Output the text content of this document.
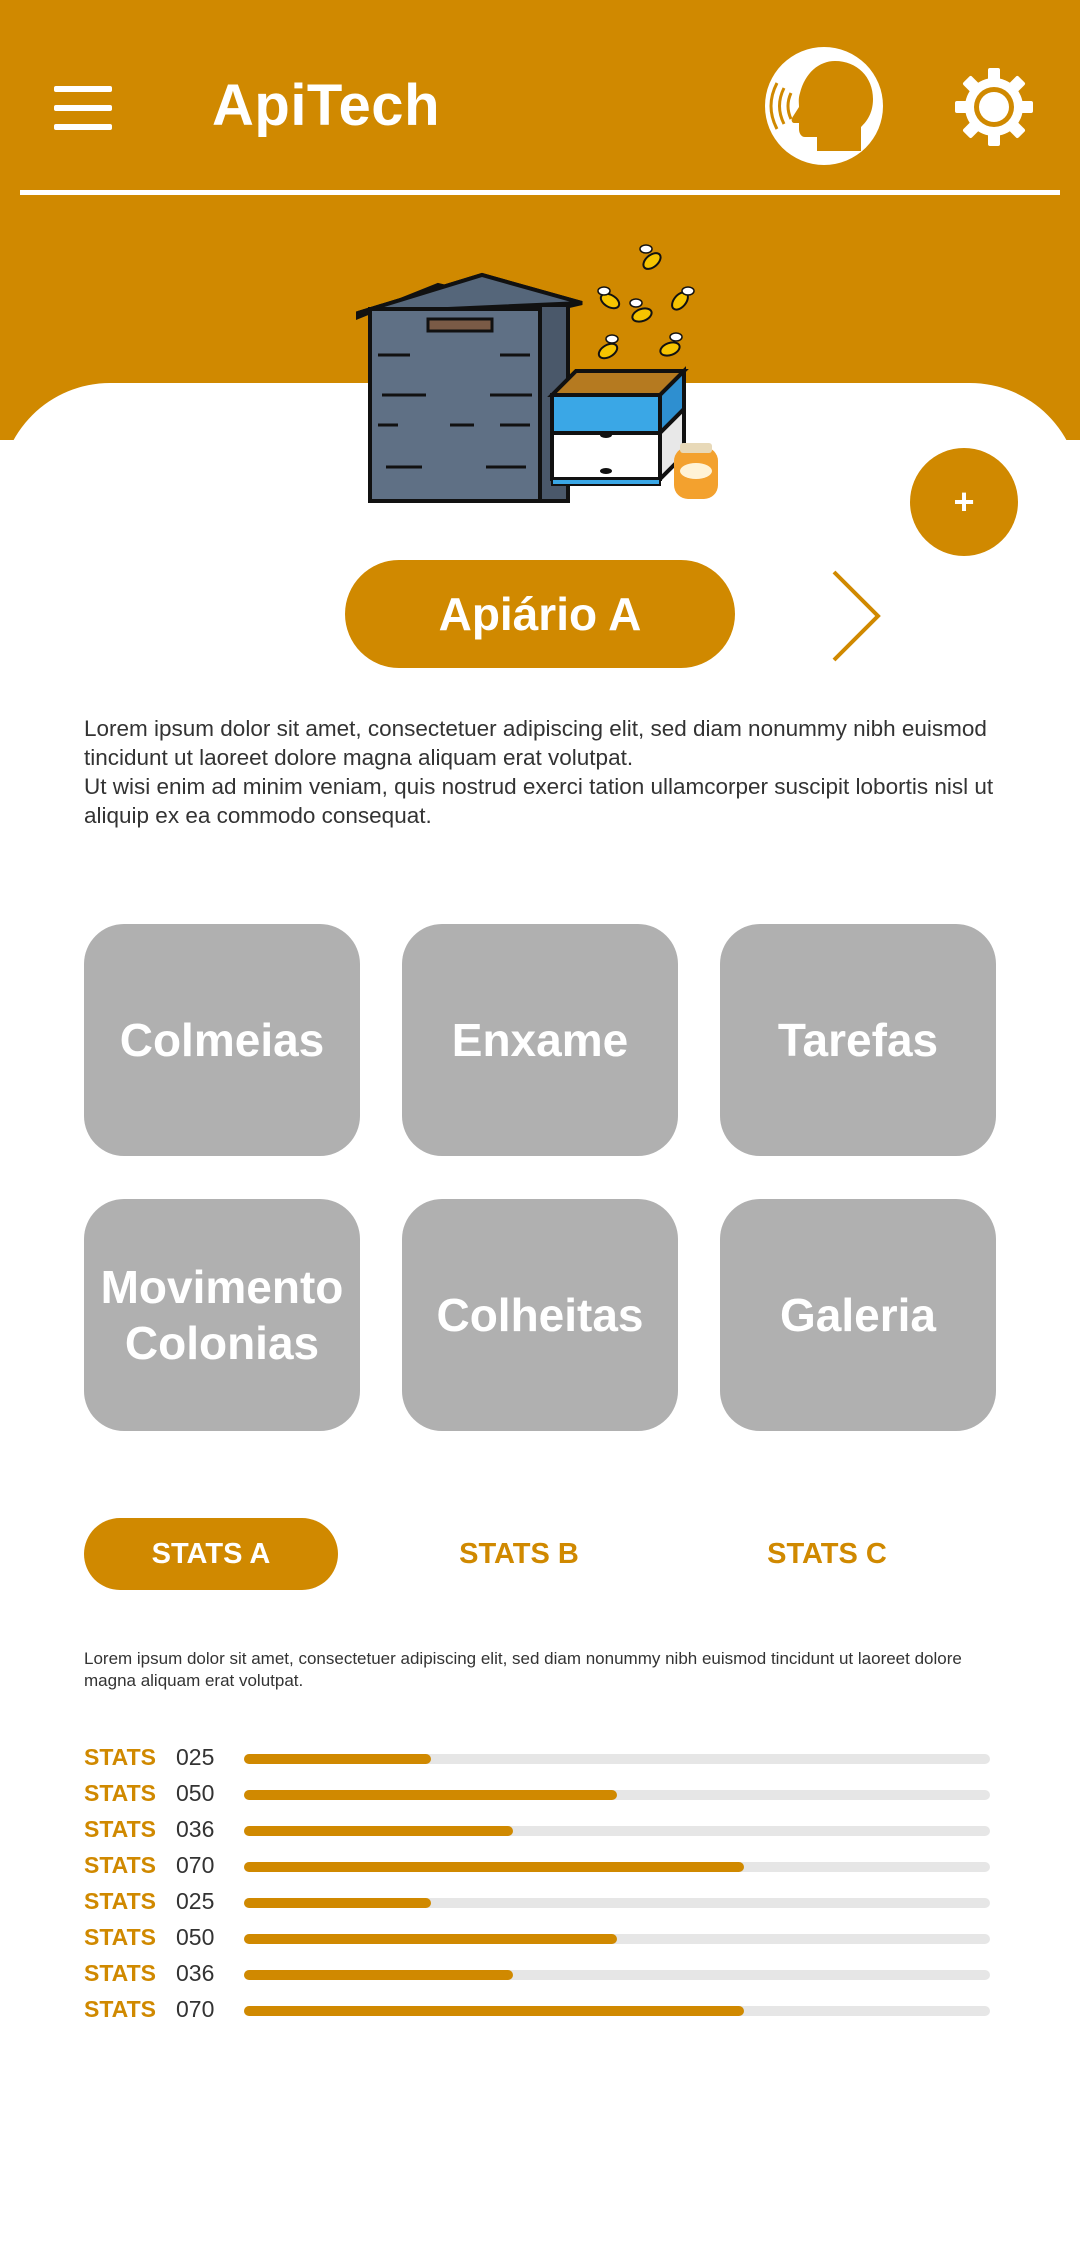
ApiTech
+
Apiário A

Lorem ipsum dolor sit amet, consectetuer adipiscing elit, sed diam nonummy nibh euismod tincidunt ut laoreet dolore magna aliquam erat volutpat.

Ut wisi enim ad minim veniam, quis nostrud exerci tation ullamcorper suscipit lobortis nisl ut aliquip ex ea commodo consequat.

Colmeias	Enxame	Tarefas
Movimento Colonias
Colheitas	Galeria
STATS A	STATS B	STATS C
Lorem ipsum dolor sit amet, consectetuer adipiscing elit, sed diam nonummy nibh euismod tincidunt ut laoreet dolore magna aliquam erat volutpat.
STATS 025
STATS 050
STATS 036
STATS 070
STATS 025
STATS 050
STATS 036
STATS 070
